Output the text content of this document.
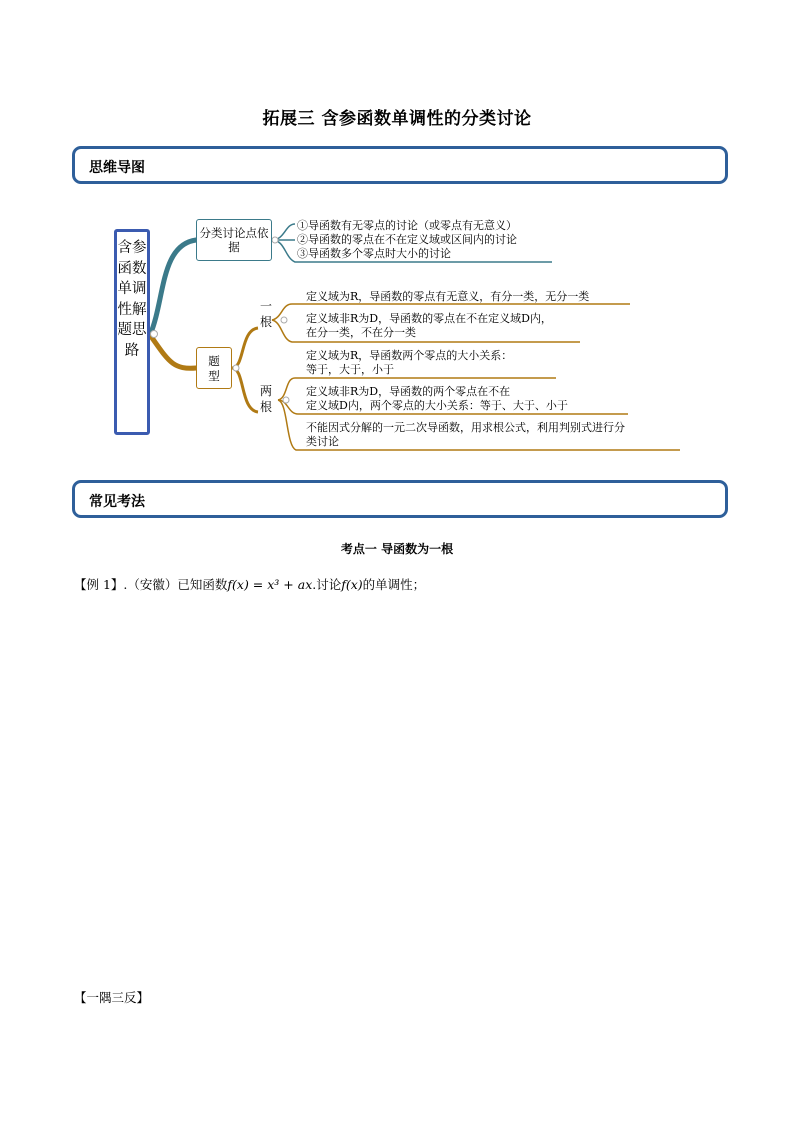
拓展三 含参函数单调性的分类讨论
思维导图
含参函数单调性解题思路
分类讨论点依据
①导函数有无零点的讨论（或零点有无意义）
②导函数的零点在不在定义域或区间内的讨论
③导函数多个零点时大小的讨论
题型
一根
两根
定义域为R，导函数的零点有无意义，有分一类，无分一类
定义域非R为D，导函数的零点在不在定义域D内，
在分一类，不在分一类
定义域为R，导函数两个零点的大小关系：
等于，大于，小于
定义域非R为D，导函数的两个零点在不在
定义域D内，两个零点的大小关系：等于、大于、小于
不能因式分解的一元二次导函数，用求根公式，利用判别式进行分
类讨论
常见考法
考点一 导函数为一根
【例 1】.（安徽）已知函数f(x) = x³ + ax.讨论f(x)的单调性；
【一隅三反】
